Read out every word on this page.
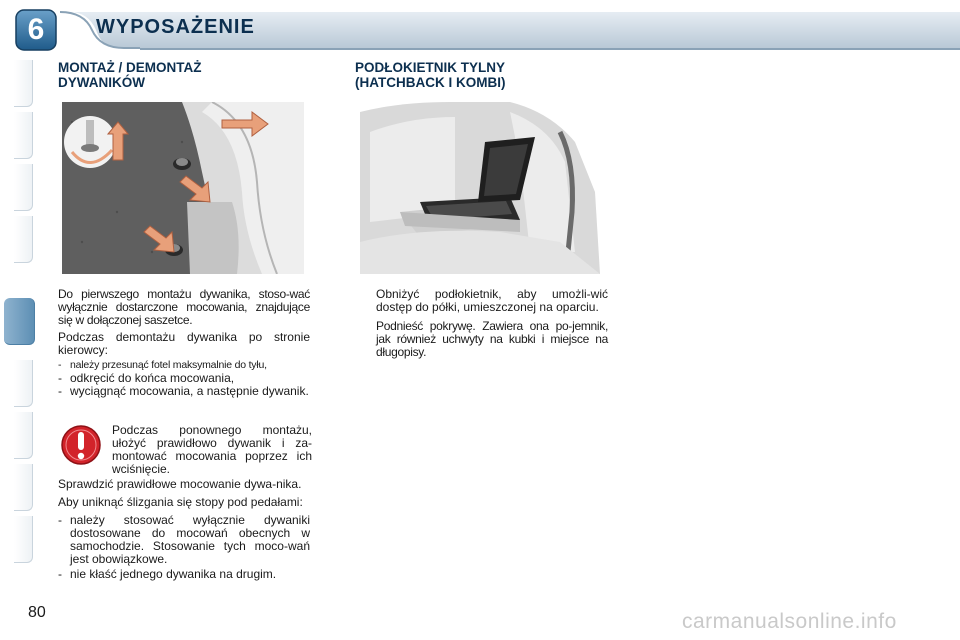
6	WYPOSAŻENIE

MONTAŻ / DEMONTAŻ

DYWANIKÓW

PODŁOKIETNIK TYLNY

(HATCHBACK I KOMBI)

Do pierwszego montażu dywanika, stoso-wać wyłącznie dostarczone mocowania, znajdujące się w dołączonej saszetce.

Podczas demontażu dywanika po stronie kierowcy:

- należy przesunąć fotel maksymalnie do tyłu,
- odkręcić do końca mocowania,
- wyciągnąć mocowania, a następnie dywanik.
Podczas ponownego montażu, ułożyć prawidłowo dywanik i za-montować mocowania poprzez ich wciśnięcie.

Sprawdzić prawidłowe mocowanie dywa-nika.

Aby uniknąć ślizgania się stopy pod pedałami:

- należy stosować wyłącznie dywaniki dostosowane do mocowań obecnych w samochodzie. Stosowanie tych moco-wań jest obowiązkowe.
- nie kłaść jednego dywanika na drugim.
Obniżyć podłokietnik, aby umożli-wić dostęp do półki, umieszczonej na oparciu.
Podnieść pokrywę. Zawiera ona po-jemnik, jak również uchwyty na kubki i miejsce na długopisy.
80	carmanualsonline.info
